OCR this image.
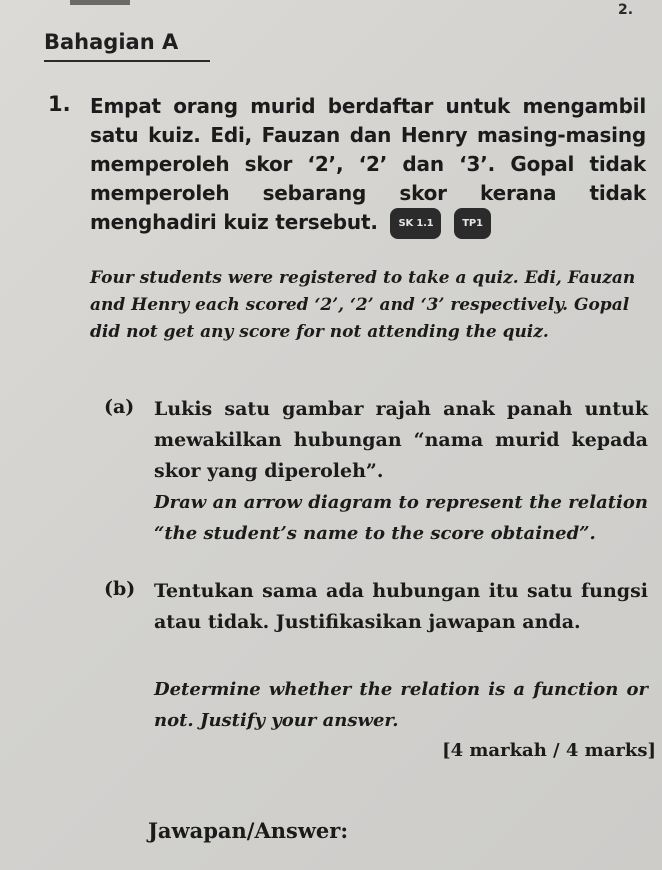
2.
Bahagian A
1. Empat orang murid berdaftar untuk mengambil satu kuiz. Edi, Fauzan dan Henry masing-masing memperoleh skor ‘2’, ‘2’ dan ‘3’. Gopal tidak memperoleh sebarang skor kerana tidak menghadiri kuiz tersebut. SK 1.1	TP1

Four students were registered to take a quiz. Edi, Fauzan and Henry each scored ‘2’, ‘2’ and ‘3’ respectively. Gopal did not get any score for not attending the quiz.

(a) Lukis satu gambar rajah anak panah untuk mewakilkan hubungan “nama murid kepada skor yang diperoleh”.

Draw an arrow diagram to represent the relation “the student’s name to the score obtained”.

(b) Tentukan sama ada hubungan itu satu fungsi atau tidak. Justifikasikan jawapan anda.

Determine whether the relation is a function or not. Justify your answer.

[4 markah / 4 marks]
Jawapan/Answer:
